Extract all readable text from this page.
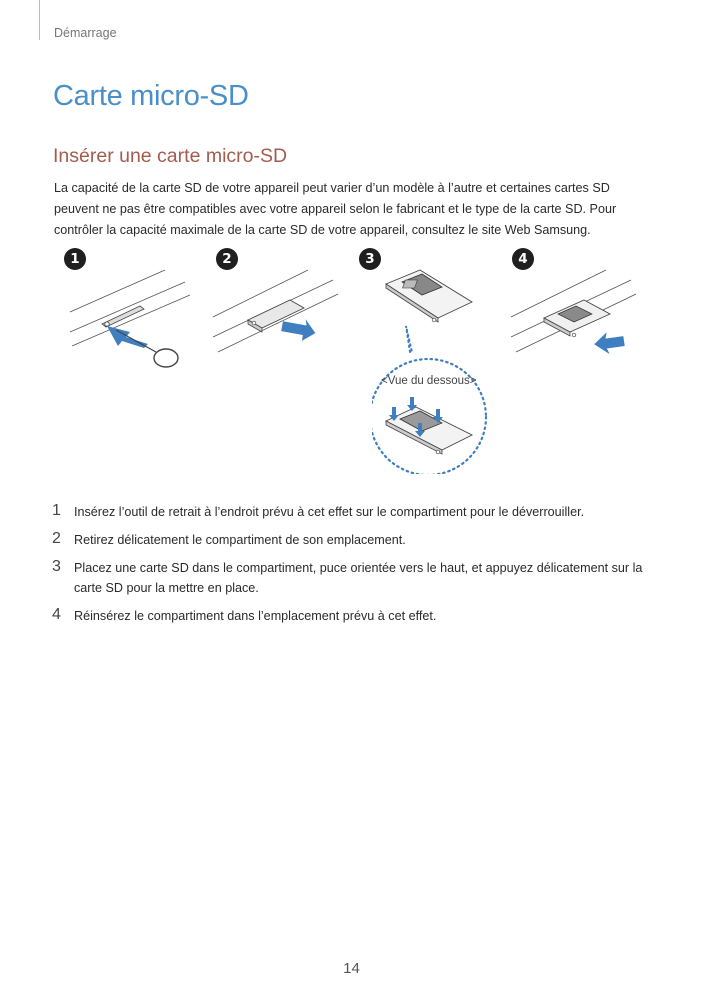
Démarrage
Carte micro-SD
Insérer une carte micro-SD

La capacité de la carte SD de votre appareil peut varier d’un modèle à l’autre et certaines cartes SD peuvent ne pas être compatibles avec votre appareil selon le fabricant et le type de la carte SD. Pour contrôler la capacité maximale de la carte SD de votre appareil, consultez le site Web Samsung.

1	2	3	4
<Vue du dessous>
1	Insérez l’outil de retrait à l’endroit prévu à cet effet sur le compartiment pour le déverrouiller.
2	Retirez délicatement le compartiment de son emplacement.
3	Placez une carte SD dans le compartiment, puce orientée vers le haut, et appuyez délicatement sur la carte SD pour la mettre en place.
4	Réinsérez le compartiment dans l’emplacement prévu à cet effet.
14
